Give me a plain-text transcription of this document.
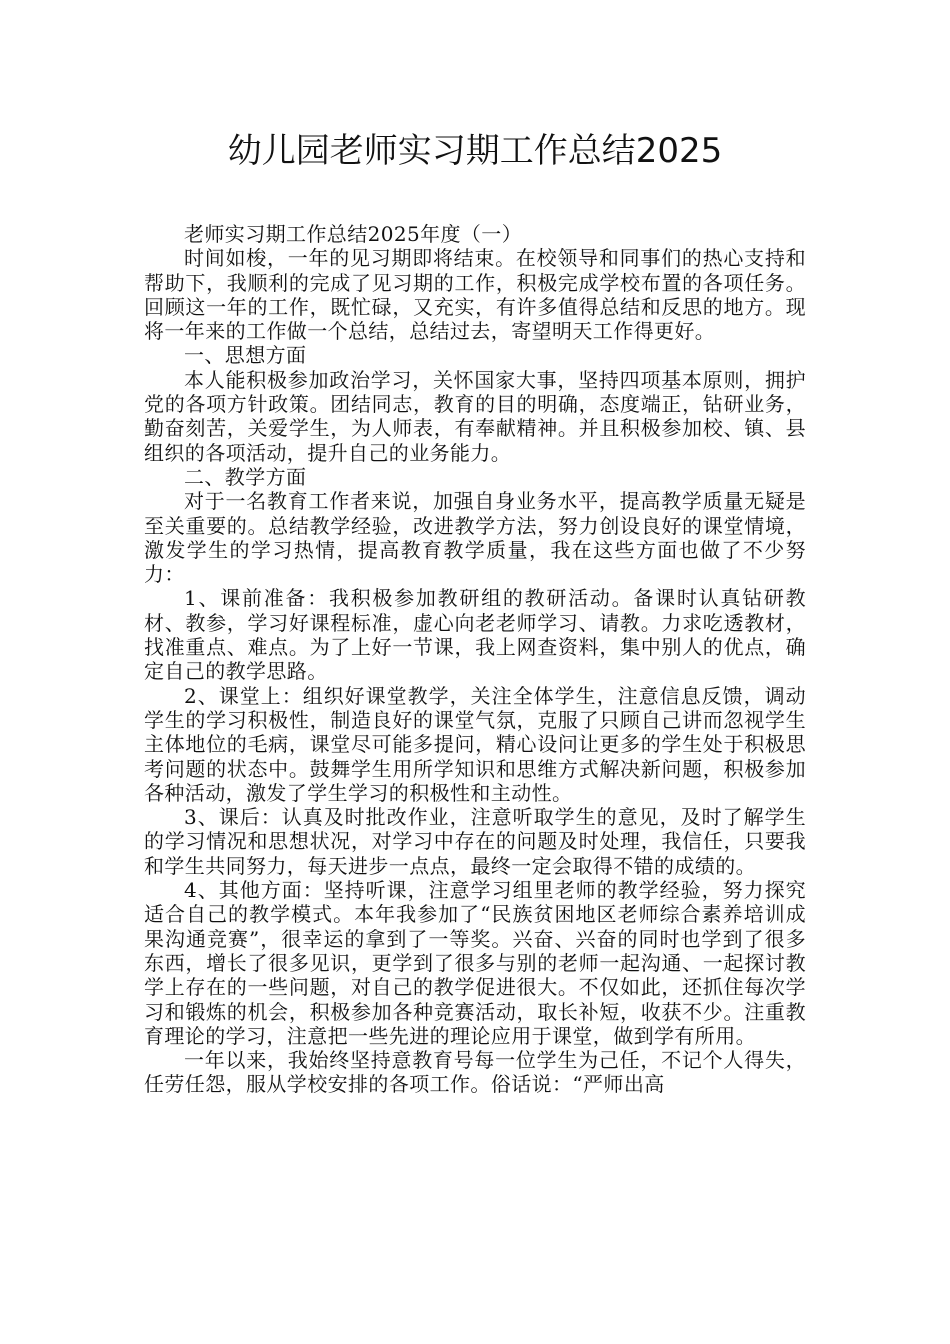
幼儿园老师实习期工作总结2025

老师实习期工作总结2025年度（一）

时间如梭，一年的见习期即将结束。在校领导和同事们的热心支持和帮助下，我顺利的完成了见习期的工作，积极完成学校布置的各项任务。回顾这一年的工作，既忙碌，又充实，有许多值得总结和反思的地方。现将一年来的工作做一个总结，总结过去，寄望明天工作得更好。

一、思想方面

本人能积极参加政治学习，关怀国家大事，坚持四项基本原则，拥护党的各项方针政策。团结同志，教育的目的明确，态度端正，钻研业务，勤奋刻苦，关爱学生，为人师表，有奉献精神。并且积极参加校、镇、县组织的各项活动，提升自己的业务能力。

二、教学方面

对于一名教育工作者来说，加强自身业务水平，提高教学质量无疑是至关重要的。总结教学经验，改进教学方法，努力创设良好的课堂情境，激发学生的学习热情，提高教育教学质量，我在这些方面也做了不少努力：

1、课前准备：我积极参加教研组的教研活动。备课时认真钻研教材、教参，学习好课程标准，虚心向老老师学习、请教。力求吃透教材，找准重点、难点。为了上好一节课，我上网查资料，集中别人的优点，确定自己的教学思路。

2、课堂上：组织好课堂教学，关注全体学生，注意信息反馈，调动学生的学习积极性，制造良好的课堂气氛，克服了只顾自己讲而忽视学生主体地位的毛病，课堂尽可能多提问，精心设问让更多的学生处于积极思考问题的状态中。鼓舞学生用所学知识和思维方式解决新问题，积极参加各种活动，激发了学生学习的积极性和主动性。

3、课后：认真及时批改作业，注意听取学生的意见，及时了解学生的学习情况和思想状况，对学习中存在的问题及时处理，我信任，只要我和学生共同努力，每天进步一点点，最终一定会取得不错的成绩的。

4、其他方面：坚持听课，注意学习组里老师的教学经验，努力探究适合自己的教学模式。本年我参加了“民族贫困地区老师综合素养培训成果沟通竞赛”，很幸运的拿到了一等奖。兴奋、兴奋的同时也学到了很多东西，增长了很多见识，更学到了很多与别的老师一起沟通、一起探讨教学上存在的一些问题，对自己的教学促进很大。不仅如此，还抓住每次学习和锻炼的机会，积极参加各种竞赛活动，取长补短，收获不少。注重教育理论的学习，注意把一些先进的理论应用于课堂，做到学有所用。

一年以来，我始终坚持意教育号每一位学生为己任，不记个人得失，任劳任怨，服从学校安排的各项工作。俗话说：“严师出高
